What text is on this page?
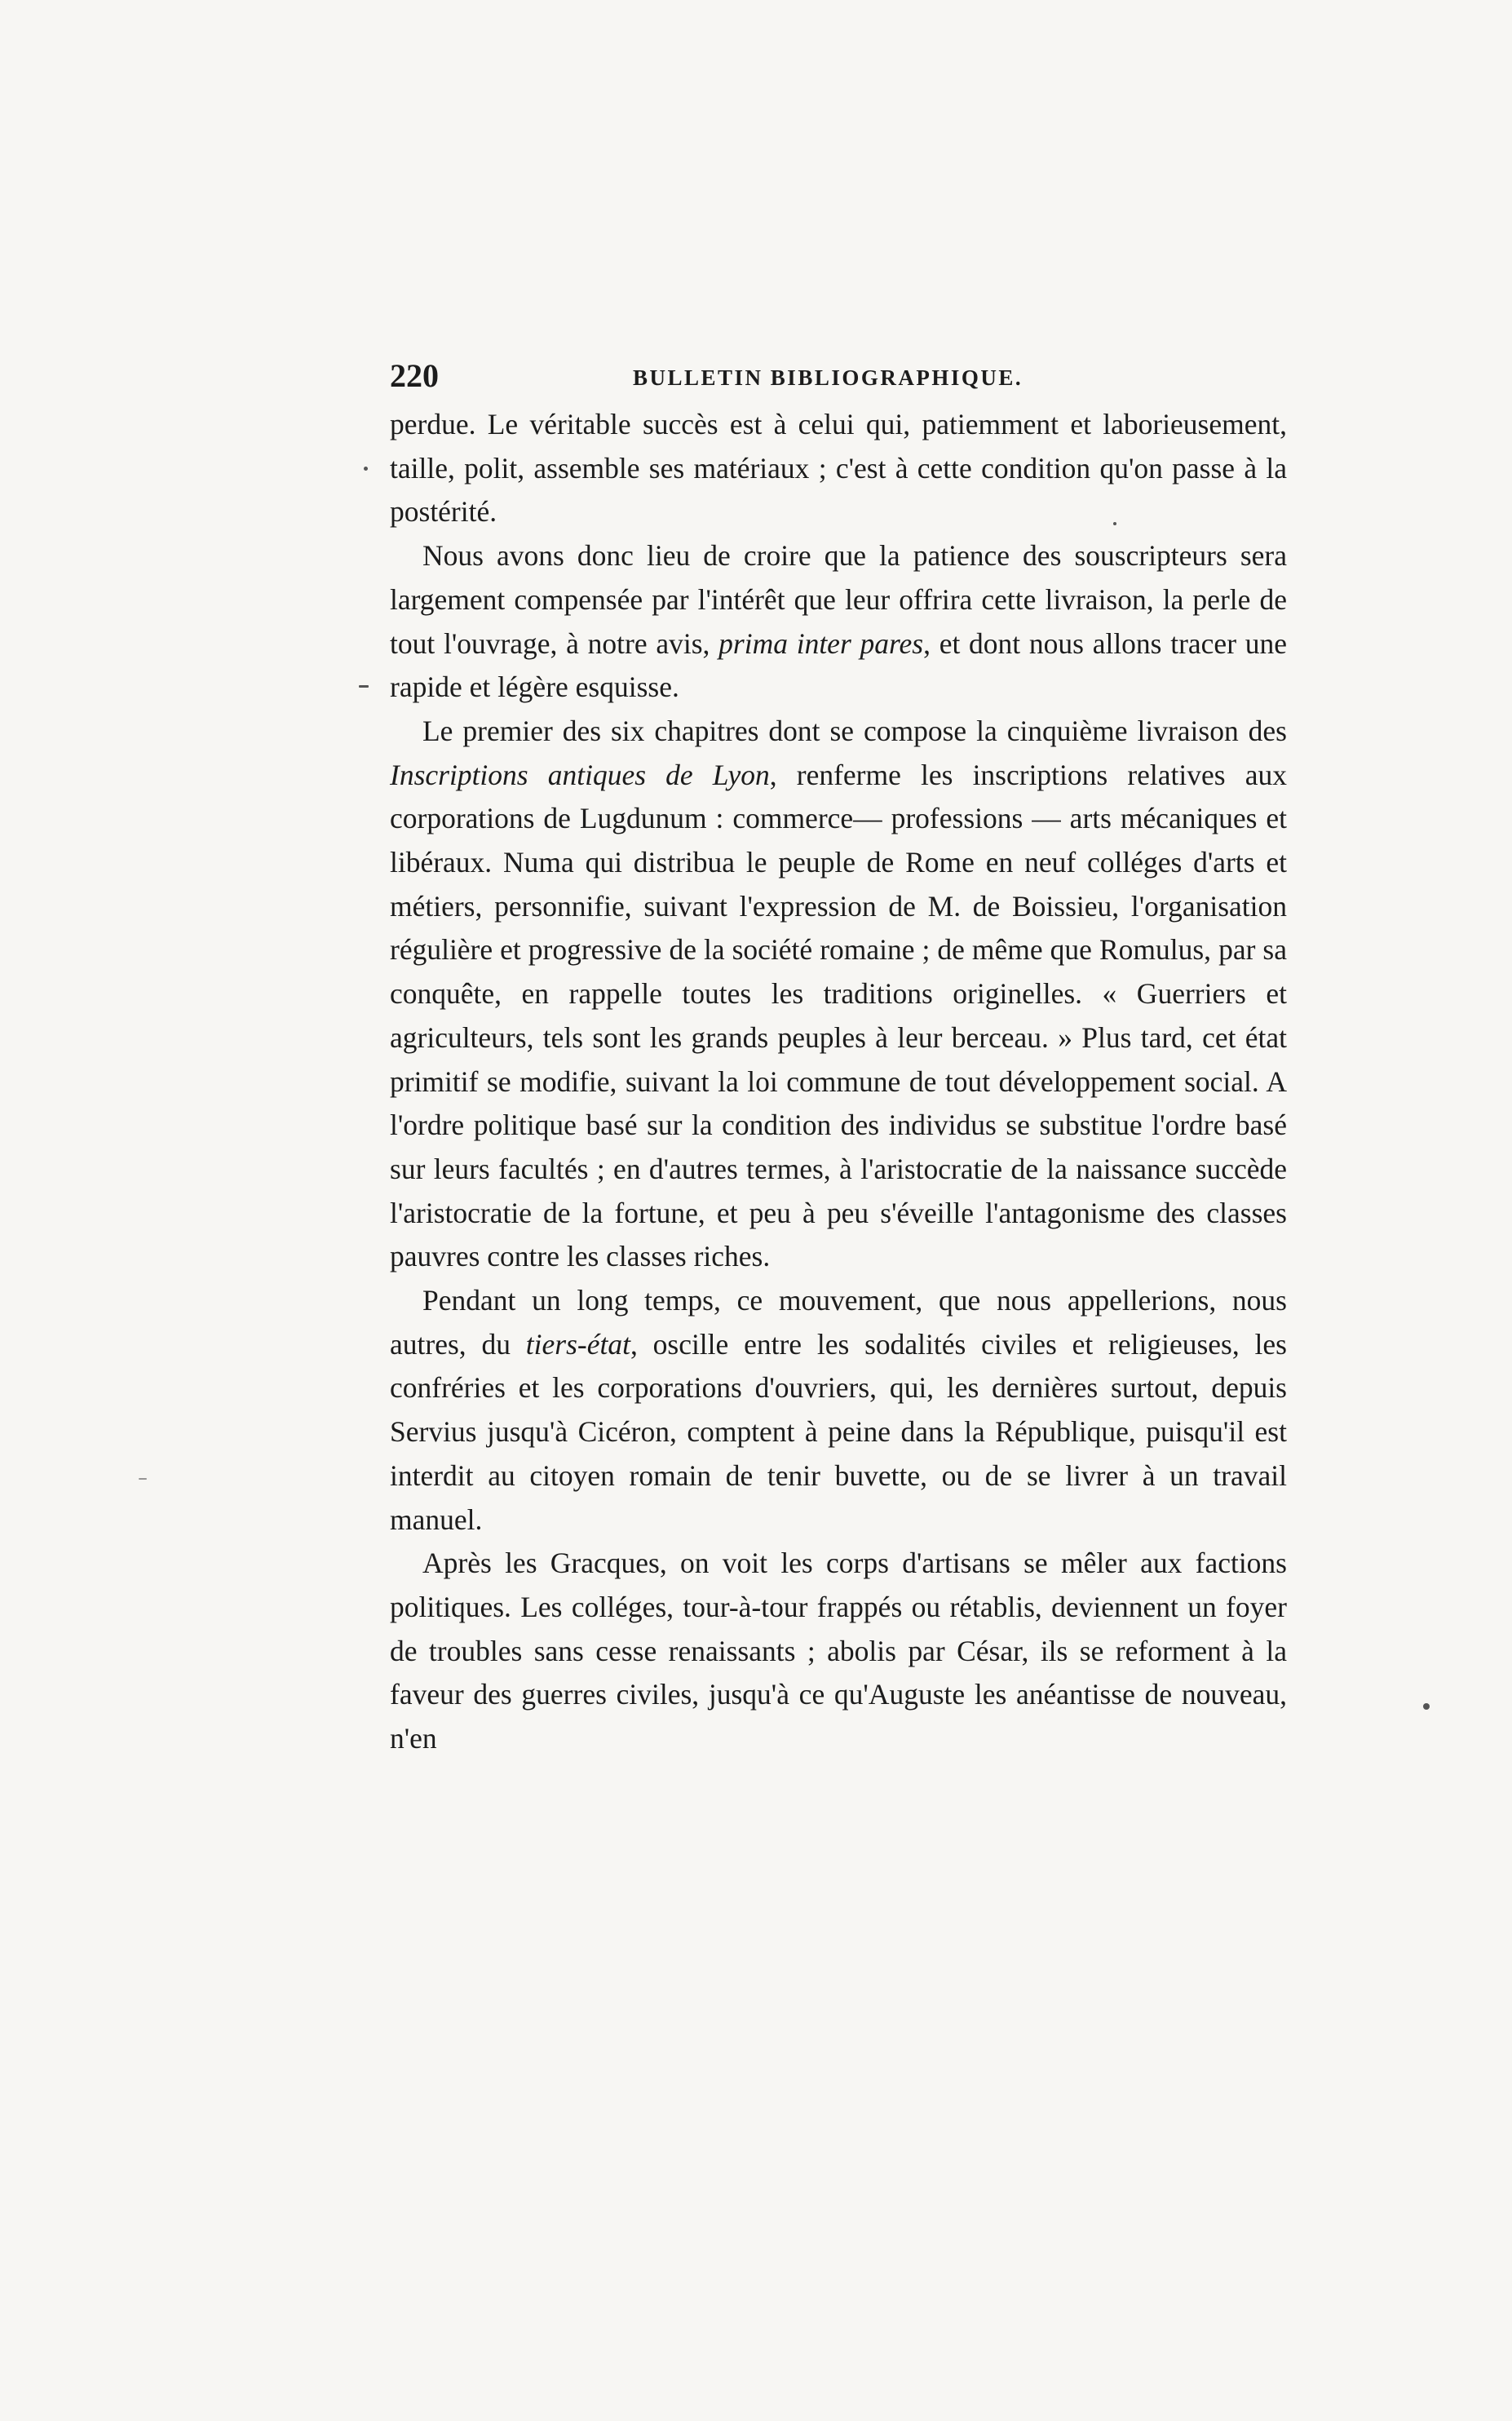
220	BULLETIN BIBLIOGRAPHIQUE.

perdue. Le véritable succès est à celui qui, patiemment et laborieusement, taille, polit, assemble ses matériaux ; c'est à cette condition qu'on passe à la postérité.

Nous avons donc lieu de croire que la patience des souscripteurs sera largement compensée par l'intérêt que leur offrira cette livraison, la perle de tout l'ouvrage, à notre avis, prima inter pares, et dont nous allons tracer une rapide et légère esquisse.

Le premier des six chapitres dont se compose la cinquième livraison des Inscriptions antiques de Lyon, renferme les inscriptions relatives aux corporations de Lugdunum : commerce— professions — arts mécaniques et libéraux. Numa qui distribua le peuple de Rome en neuf colléges d'arts et métiers, personnifie, suivant l'expression de M. de Boissieu, l'organisation régulière et progressive de la société romaine ; de même que Romulus, par sa conquête, en rappelle toutes les traditions originelles. « Guerriers et agriculteurs, tels sont les grands peuples à leur berceau. » Plus tard, cet état primitif se modifie, suivant la loi commune de tout développement social. A l'ordre politique basé sur la condition des individus se substitue l'ordre basé sur leurs facultés ; en d'autres termes, à l'aristocratie de la naissance succède l'aristocratie de la fortune, et peu à peu s'éveille l'antagonisme des classes pauvres contre les classes riches.

Pendant un long temps, ce mouvement, que nous appellerions, nous autres, du tiers-état, oscille entre les sodalités civiles et religieuses, les confréries et les corporations d'ouvriers, qui, les dernières surtout, depuis Servius jusqu'à Cicéron, comptent à peine dans la République, puisqu'il est interdit au citoyen romain de tenir buvette, ou de se livrer à un travail manuel.

Après les Gracques, on voit les corps d'artisans se mêler aux factions politiques. Les colléges, tour-à-tour frappés ou rétablis, deviennent un foyer de troubles sans cesse renaissants ; abolis par César, ils se reforment à la faveur des guerres civiles, jusqu'à ce qu'Auguste les anéantisse de nouveau, n'en
